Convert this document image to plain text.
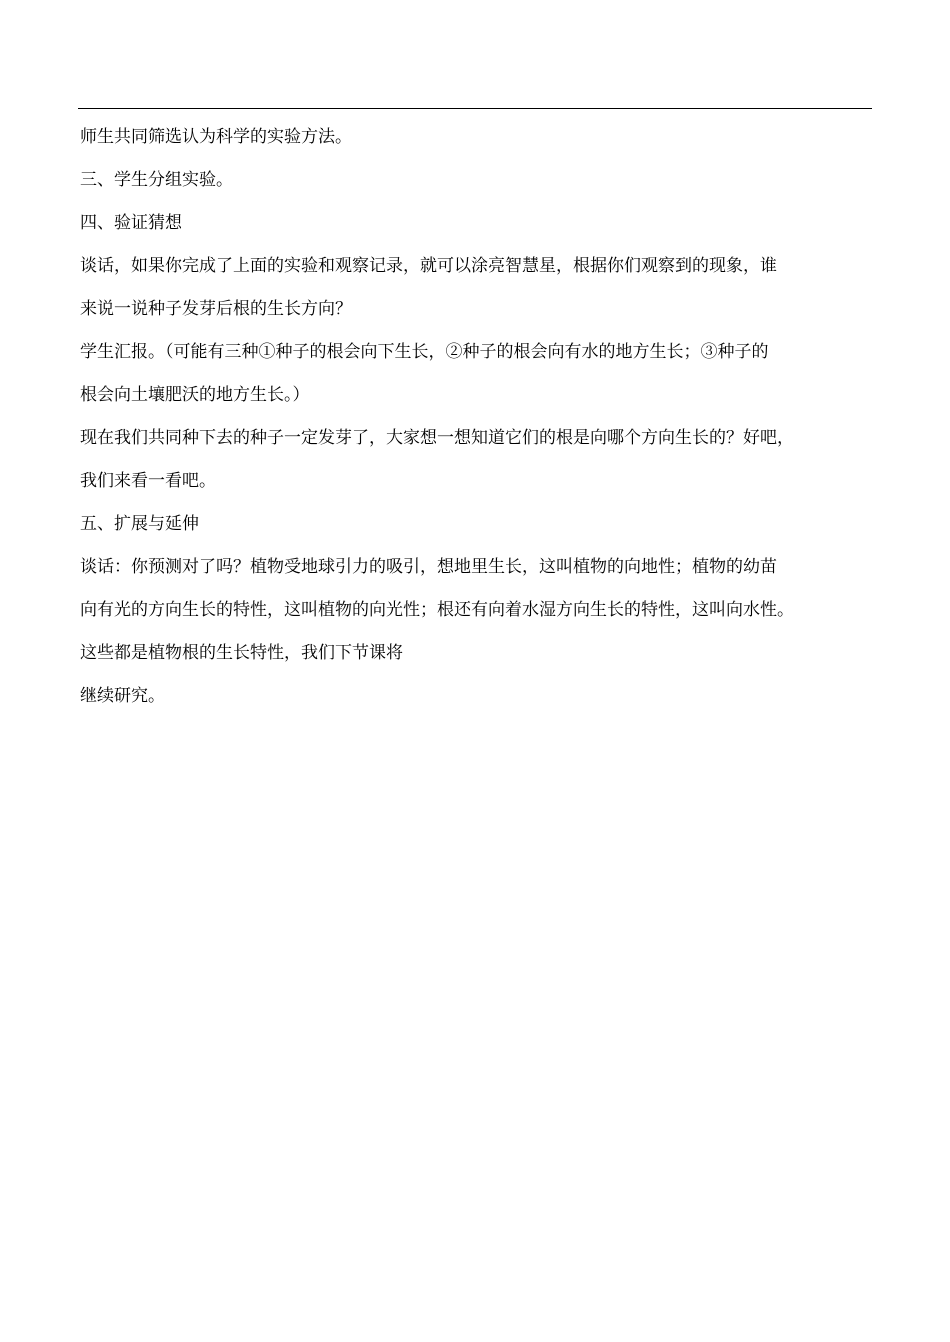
师生共同筛选认为科学的实验方法。

三、学生分组实验。

四、验证猜想

谈话，如果你完成了上面的实验和观察记录，就可以涂亮智慧星，根据你们观察到的现象，谁

来说一说种子发芽后根的生长方向？

学生汇报。（可能有三种①种子的根会向下生长，②种子的根会向有水的地方生长；③种子的

根会向土壤肥沃的地方生长。）

现在我们共同种下去的种子一定发芽了，大家想一想知道它们的根是向哪个方向生长的？好吧，

我们来看一看吧。

五、扩展与延伸

谈话：你预测对了吗？植物受地球引力的吸引，想地里生长，这叫植物的向地性；植物的幼苗

向有光的方向生长的特性，这叫植物的向光性；根还有向着水湿方向生长的特性，这叫向水性。

这些都是植物根的生长特性，我们下节课将

继续研究。
